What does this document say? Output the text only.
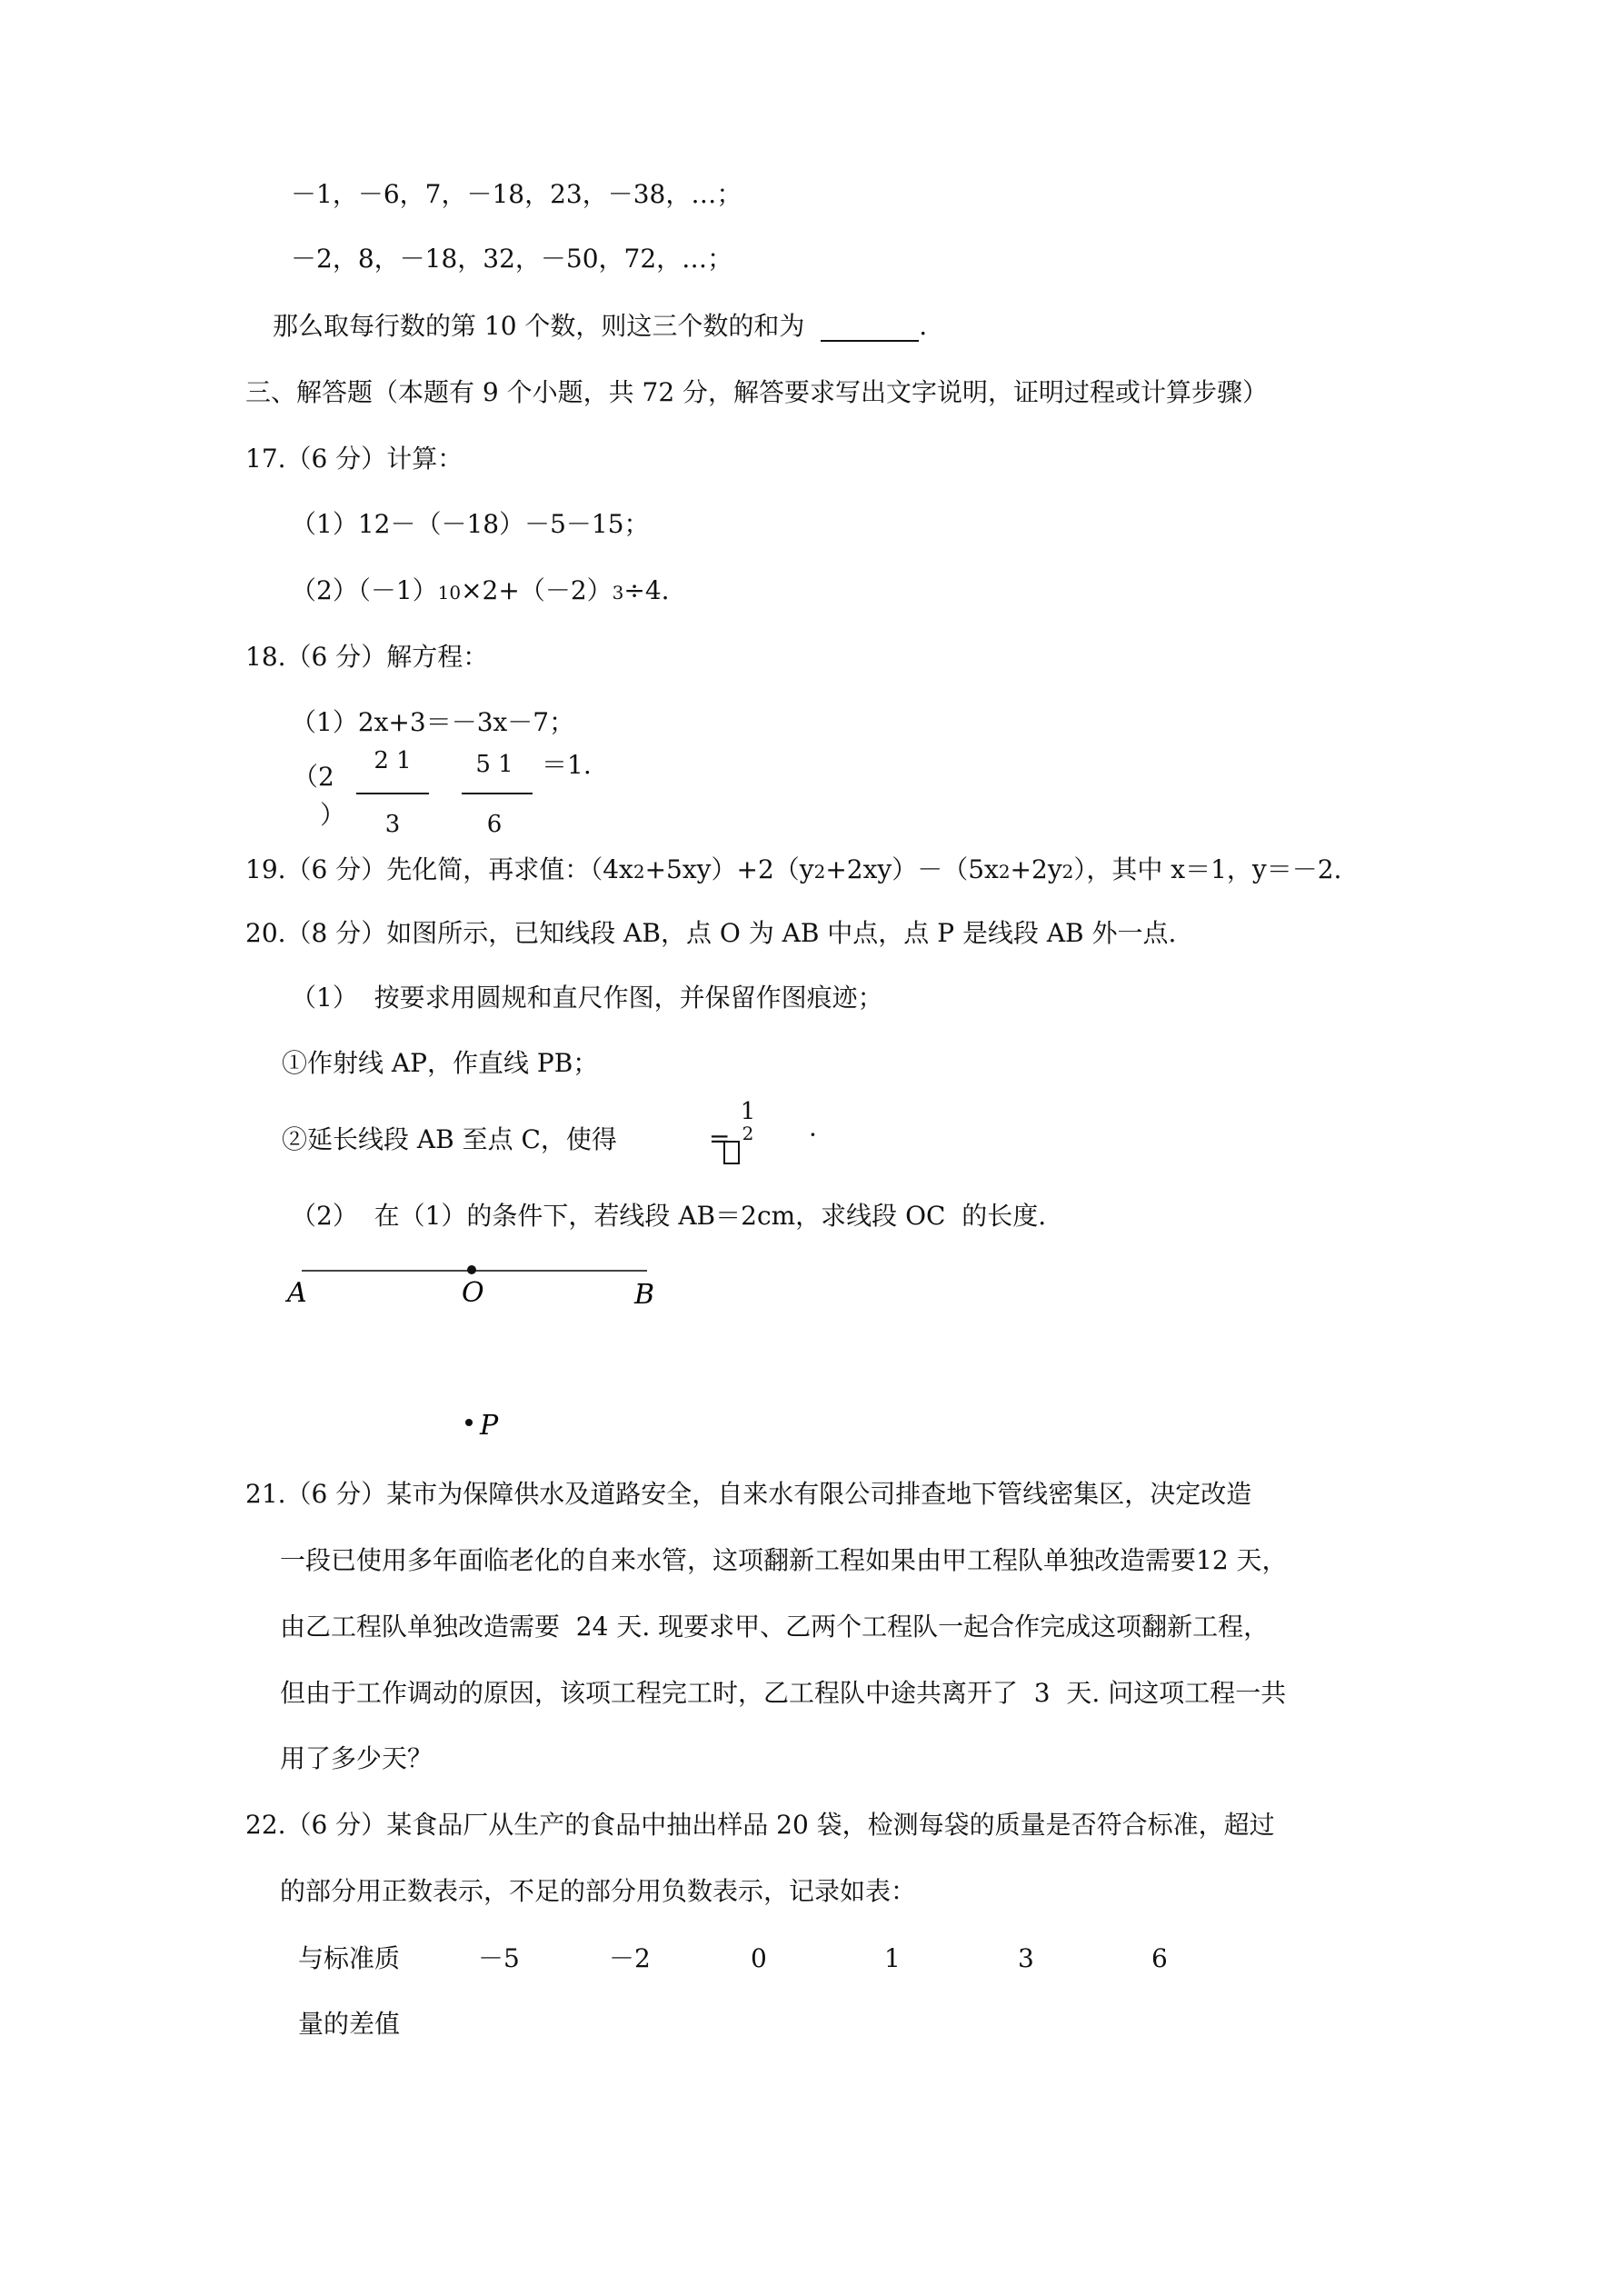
－1，－6，7，－18，23，－38，…；
－2，8，－18，32，－50，72，…；
那么取每行数的第 10 个数，则这三个数的和为	.
三、解答题（本题有 9 个小题，共 72 分，解答要求写出文字说明，证明过程或计算步骤）
17.（6 分）计算：
（1）12－（－18）－5－15；
（2）（－1）10×2+（－2）3÷4.
18.（6 分）解方程：
（1）2x+3＝－3x－7；
（2
）
2 1
3
5 1
6
＝1.
19.（6 分）先化简，再求值：（4x2+5xy）+2（y2+2xy）－（5x2+2y2），其中 x＝1，y＝－2.
20.（8 分）如图所示，已知线段 AB，点 O 为 AB 中点，点 P 是线段 AB 外一点.
（1）  按要求用圆规和直尺作图，并保留作图痕迹；
①作射线 AP，作直线 PB；
②延长线段 AB 至点 C，使得	=
1
2	·
（2）  在（1）的条件下，若线段 AB＝2cm，求线段 OC  的长度.
A	O	B
P
21.（6 分）某市为保障供水及道路安全，自来水有限公司排查地下管线密集区，决定改造
一段已使用多年面临老化的自来水管，这项翻新工程如果由甲工程队单独改造需要12 天，
由乙工程队单独改造需要  24 天. 现要求甲、乙两个工程队一起合作完成这项翻新工程，
但由于工作调动的原因，该项工程完工时，乙工程队中途共离开了  3  天. 问这项工程一共
用了多少天？
22.（6 分）某食品厂从生产的食品中抽出样品 20 袋，检测每袋的质量是否符合标准，超过
的部分用正数表示，不足的部分用负数表示，记录如表：
与标准质
量的差值
－5	－2	0	1	3	6
